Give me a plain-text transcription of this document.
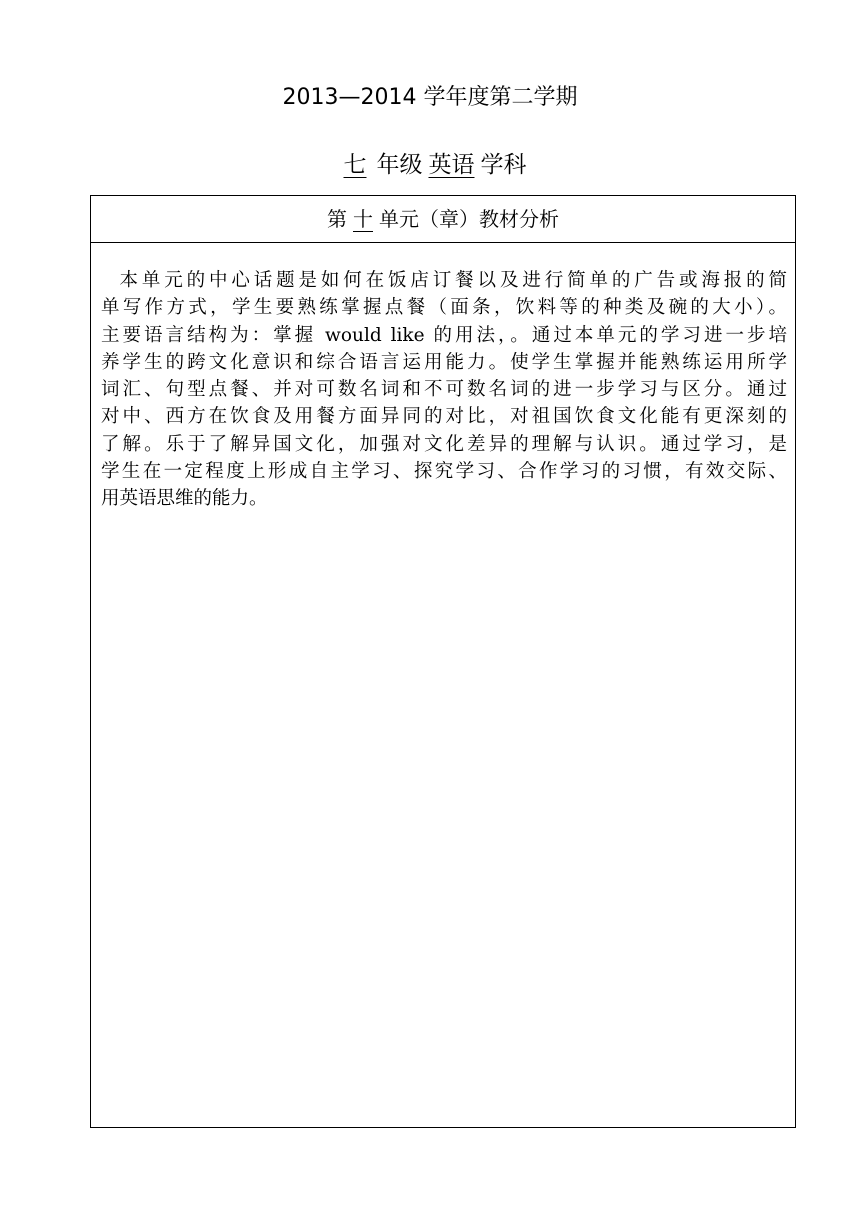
2013—2014 学年度第二学期
七 年级 英语 学科
第 十 单元（章）教材分析
本单元的中心话题是如何在饭店订餐以及进行简单的广告或海报的简
单写作方式，学生要熟练掌握点餐（面条，饮料等的种类及碗的大小）。
主要语言结构为：掌握 would like 的用法，。通过本单元的学习进一步培
养学生的跨文化意识和综合语言运用能力。使学生掌握并能熟练运用所学
词汇、句型点餐、并对可数名词和不可数名词的进一步学习与区分。通过
对中、西方在饮食及用餐方面异同的对比，对祖国饮食文化能有更深刻的
了解。乐于了解异国文化，加强对文化差异的理解与认识。通过学习，是
学生在一定程度上形成自主学习、探究学习、合作学习的习惯，有效交际、
用英语思维的能力。
